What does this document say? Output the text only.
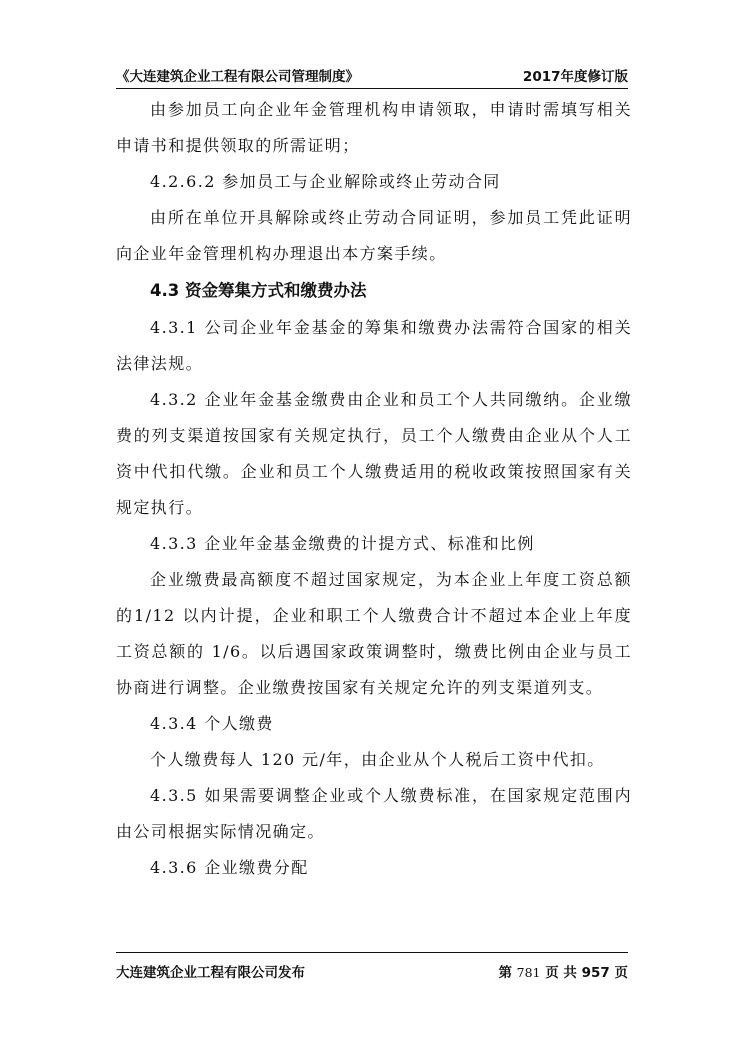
《大连建筑企业工程有限公司管理制度》	2017年度修订版

由参加员工向企业年金管理机构申请领取，申请时需填写相关申请书和提供领取的所需证明；

4.2.6.2 参加员工与企业解除或终止劳动合同

由所在单位开具解除或终止劳动合同证明，参加员工凭此证明向企业年金管理机构办理退出本方案手续。

4.3 资金筹集方式和缴费办法

4.3.1 公司企业年金基金的筹集和缴费办法需符合国家的相关法律法规。

4.3.2 企业年金基金缴费由企业和员工个人共同缴纳。企业缴费的列支渠道按国家有关规定执行，员工个人缴费由企业从个人工资中代扣代缴。企业和员工个人缴费适用的税收政策按照国家有关规定执行。

4.3.3 企业年金基金缴费的计提方式、标准和比例

企业缴费最高额度不超过国家规定，为本企业上年度工资总额的1/12 以内计提，企业和职工个人缴费合计不超过本企业上年度工资总额的 1/6。以后遇国家政策调整时，缴费比例由企业与员工协商进行调整。企业缴费按国家有关规定允许的列支渠道列支。

4.3.4 个人缴费

个人缴费每人 120 元/年，由企业从个人税后工资中代扣。

4.3.5 如果需要调整企业或个人缴费标准，在国家规定范围内由公司根据实际情况确定。

4.3.6 企业缴费分配

大连建筑企业工程有限公司发布	第 781 页 共 957 页
